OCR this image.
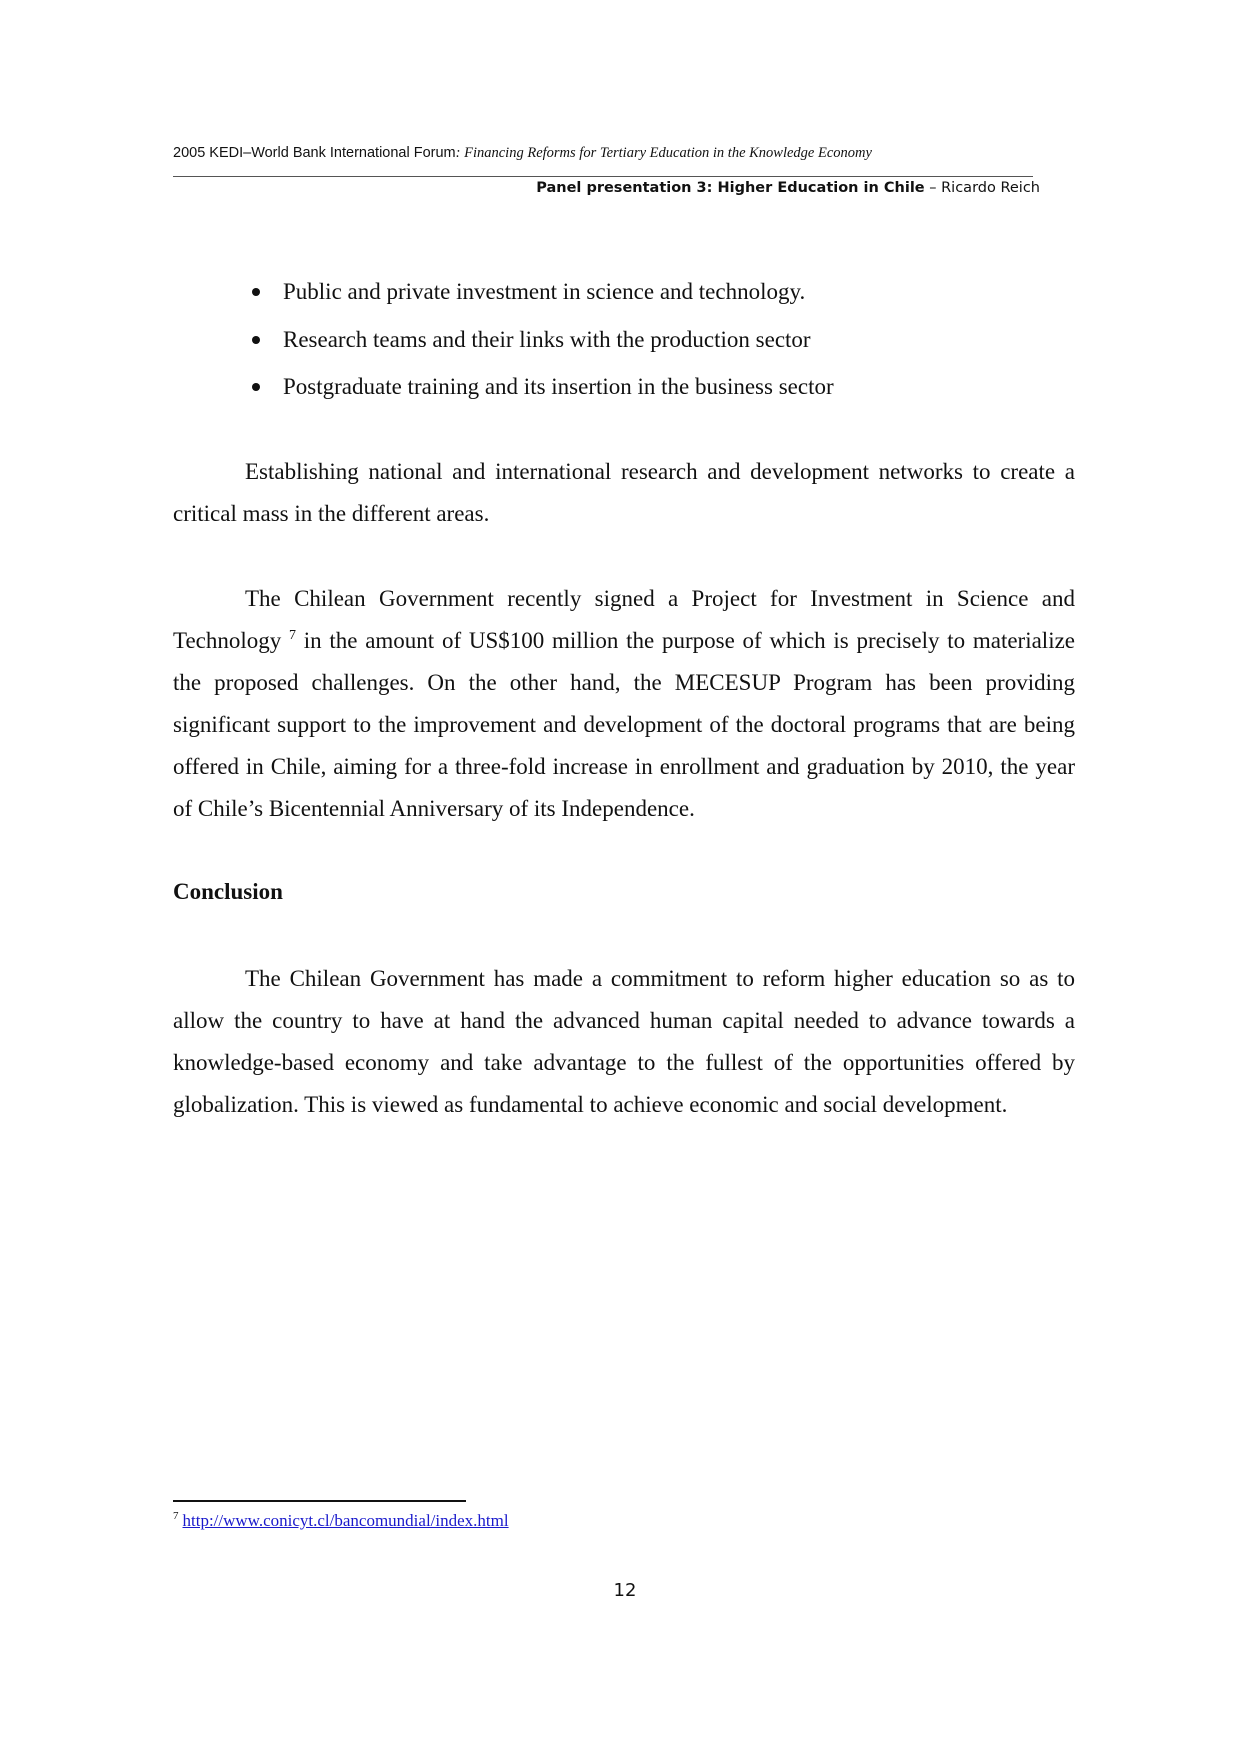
2005 KEDI–World Bank International Forum: Financing Reforms for Tertiary Education in the Knowledge Economy
Panel presentation 3: Higher Education in Chile – Ricardo Reich
Public and private investment in science and technology.
Research teams and their links with the production sector
Postgraduate training and its insertion in the business sector

Establishing national and international research and development networks to create a critical mass in the different areas.

The Chilean Government recently signed a Project for Investment in Science and Technology $^7$ in the amount of US$100 million the purpose of which is precisely to materialize the proposed challenges. On the other hand, the MECESUP Program has been providing significant support to the improvement and development of the doctoral programs that are being offered in Chile, aiming for a three-fold increase in enrollment and graduation by 2010, the year of Chile’s Bicentennial Anniversary of its Independence.

Conclusion

The Chilean Government has made a commitment to reform higher education so as to allow the country to have at hand the advanced human capital needed to advance towards a knowledge-based economy and take advantage to the fullest of the opportunities offered by globalization. This is viewed as fundamental to achieve economic and social development.

$^7$ http://www.conicyt.cl/bancomundial/index.html
12
